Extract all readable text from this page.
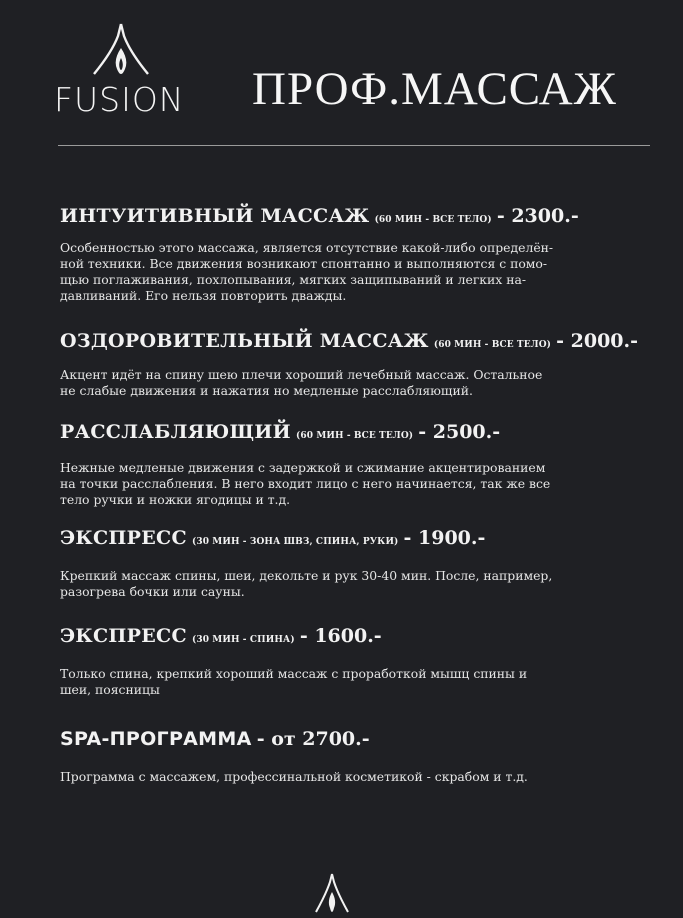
FUSION ПРОФ.МАССАЖ
ИНТУИТИВНЫЙ МАССАЖ (60 МИН - ВСЕ ТЕЛО) - 2300.-
Особенностью этого массажа, является отсутствие какой-либо определён-
ной техники. Все движения возникают спонтанно и выполняются с помо-
щью поглаживания, похлопывания, мягких защипываний и легких на-
давливаний. Его нельзя повторить дважды.
ОЗДОРОВИТЕЛЬНЫЙ МАССАЖ (60 МИН - ВСЕ ТЕЛО) - 2000.-
Акцент идёт на спину шею плечи хороший лечебный массаж. Остальное
не слабые движения и нажатия но медленые расслабляющий.
РАССЛАБЛЯЮЩИЙ (60 МИН - ВСЕ ТЕЛО) - 2500.-
Нежные медленые движения с задержкой и сжимание акцентированием
на точки расслабления. В него входит лицо с него начинается, так же все
тело ручки и ножки ягодицы и т.д.
ЭКСПРЕСС (30 МИН - ЗОНА ШВЗ, СПИНА, РУКИ) - 1900.-
Крепкий массаж спины, шеи, декольте и рук 30-40 мин. После, например,
разогрева бочки или сауны.
ЭКСПРЕСС (30 МИН - СПИНА) - 1600.-
Только спина, крепкий хороший массаж с проработкой мышц спины и
шеи, поясницы
SPA-ПРОГРАММА - от 2700.-
Программа с массажем, профессинальной косметикой - скрабом и т.д.
